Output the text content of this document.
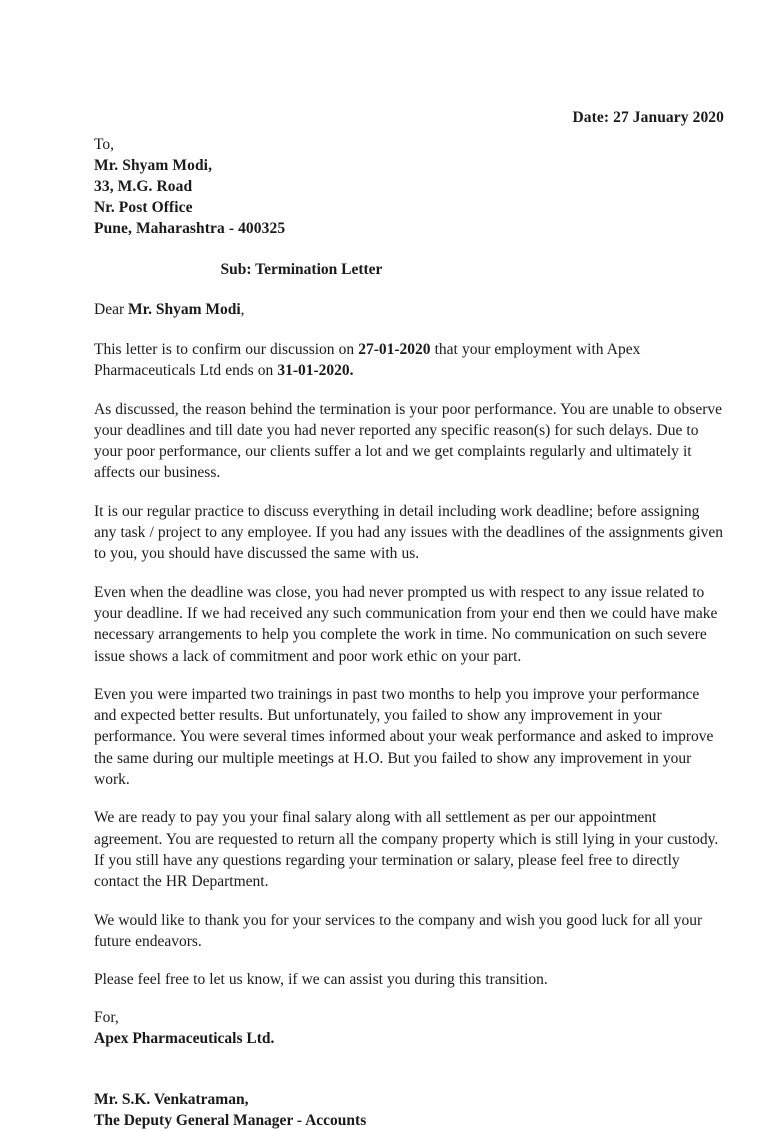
Date: 27 January 2020
To,
Mr. Shyam Modi,
33, M.G. Road
Nr. Post Office
Pune, Maharashtra - 400325
Sub: Termination Letter
Dear Mr. Shyam Modi,

This letter is to confirm our discussion on 27-01-2020 that your employment with Apex Pharmaceuticals Ltd ends on 31-01-2020.

As discussed, the reason behind the termination is your poor performance. You are unable to observe your deadlines and till date you had never reported any specific reason(s) for such delays. Due to your poor performance, our clients suffer a lot and we get complaints regularly and ultimately it affects our business.

It is our regular practice to discuss everything in detail including work deadline; before assigning any task / project to any employee. If you had any issues with the deadlines of the assignments given to you, you should have discussed the same with us.

Even when the deadline was close, you had never prompted us with respect to any issue related to your deadline. If we had received any such communication from your end then we could have make necessary arrangements to help you complete the work in time. No communication on such severe issue shows a lack of commitment and poor work ethic on your part.

Even you were imparted two trainings in past two months to help you improve your performance and expected better results. But unfortunately, you failed to show any improvement in your performance. You were several times informed about your weak performance and asked to improve the same during our multiple meetings at H.O. But you failed to show any improvement in your work.

We are ready to pay you your final salary along with all settlement as per our appointment agreement. You are requested to return all the company property which is still lying in your custody. If you still have any questions regarding your termination or salary, please feel free to directly contact the HR Department.

We would like to thank you for your services to the company and wish you good luck for all your future endeavors.

Please feel free to let us know, if we can assist you during this transition.

For,
Apex Pharmaceuticals Ltd.
Mr. S.K. Venkatraman,
The Deputy General Manager - Accounts
